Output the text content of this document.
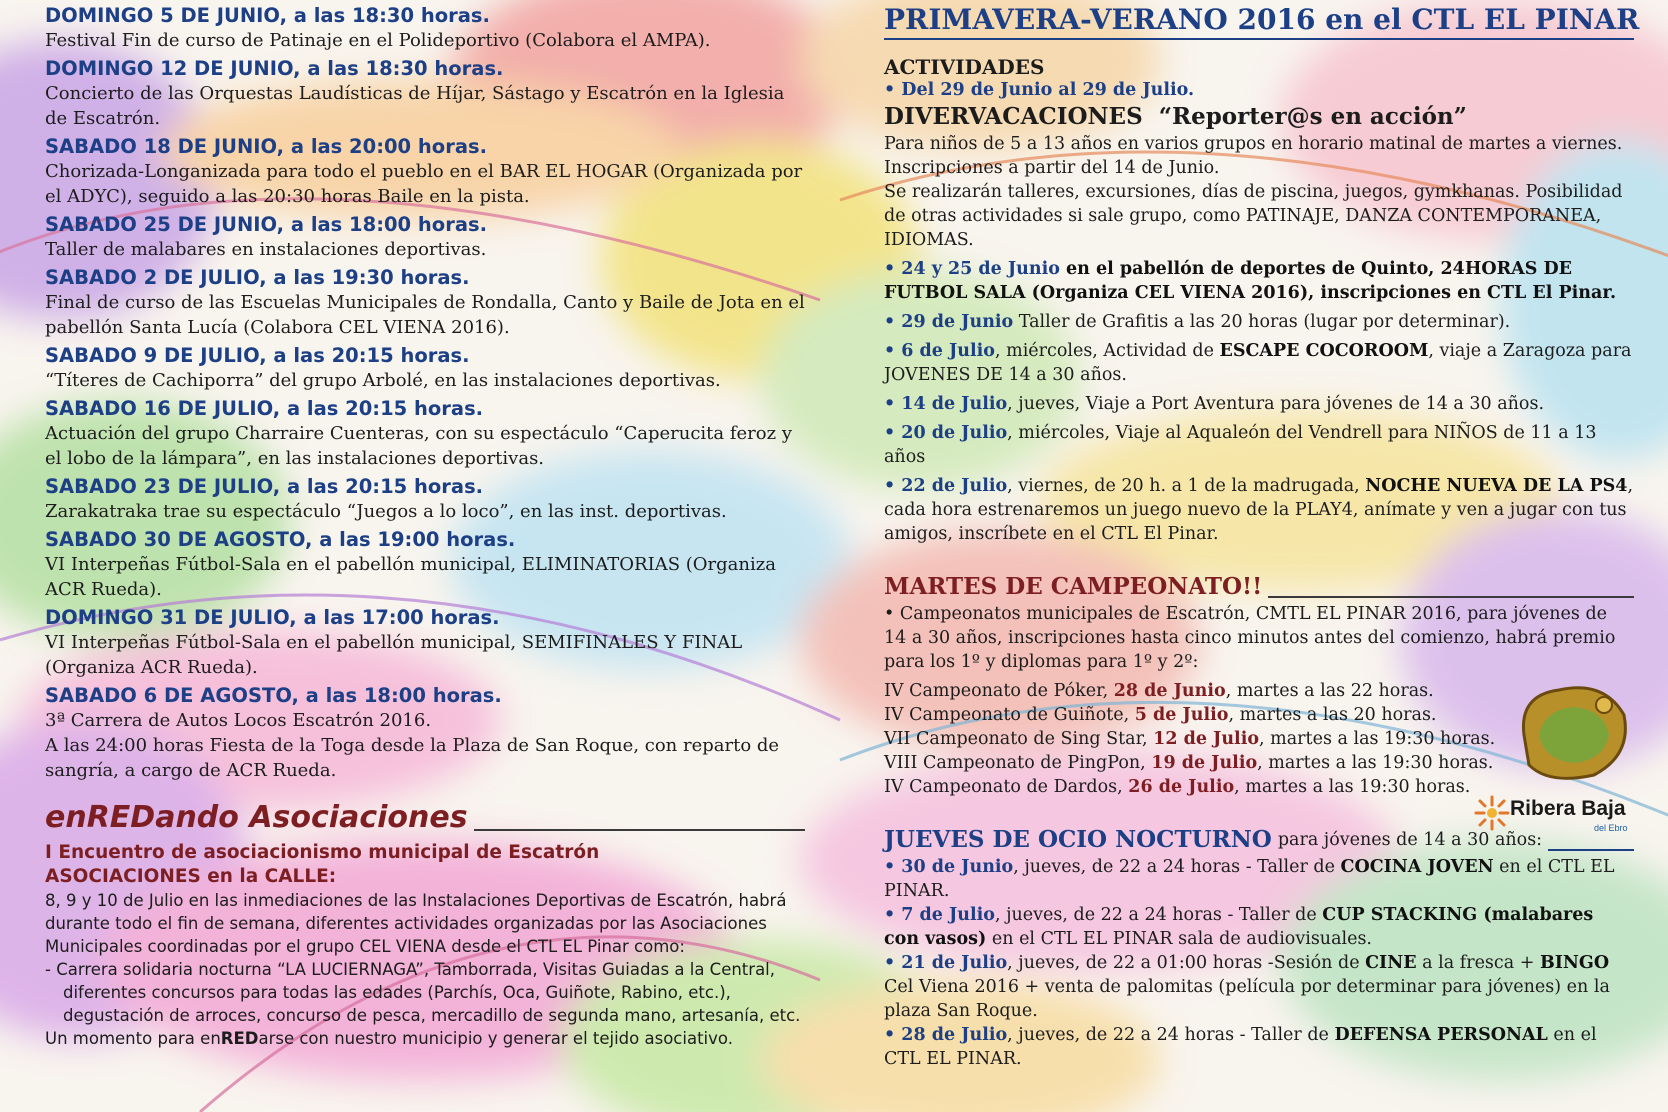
DOMINGO 5 DE JUNIO, a las 18:30 horas.

Festival Fin de curso de Patinaje en el Polideportivo (Colabora el AMPA).

DOMINGO 12 DE JUNIO, a las 18:30 horas.

Concierto de las Orquestas Laudísticas de Híjar, Sástago y Escatrón en la Iglesia de Escatrón.

SABADO 18 DE JUNIO, a las 20:00 horas.

Chorizada-Longanizada para todo el pueblo en el BAR EL HOGAR (Organizada por el ADYC), seguido a las 20:30 horas Baile en la pista.

SABADO 25 DE JUNIO, a las 18:00 horas.

Taller de malabares en instalaciones deportivas.

SABADO 2 DE JULIO, a las 19:30 horas.

Final de curso de las Escuelas Municipales de Rondalla, Canto y Baile de Jota en el pabellón Santa Lucía (Colabora CEL VIENA 2016).

SABADO 9 DE JULIO, a las 20:15 horas.

“Títeres de Cachiporra” del grupo Arbolé, en las instalaciones deportivas.

SABADO 16 DE JULIO, a las 20:15 horas.

Actuación del grupo Charraire Cuenteras, con su espectáculo “Caperucita feroz y el lobo de la lámpara”, en las instalaciones deportivas.

SABADO 23 DE JULIO, a las 20:15 horas.

Zarakatraka trae su espectáculo “Juegos a lo loco”, en las inst. deportivas.

SABADO 30 DE AGOSTO, a las 19:00 horas.

VI Interpeñas Fútbol-Sala en el pabellón municipal, ELIMINATORIAS (Organiza ACR Rueda).

DOMINGO 31 DE JULIO, a las 17:00 horas.

VI Interpeñas Fútbol-Sala en el pabellón municipal, SEMIFINALES Y FINAL (Organiza ACR Rueda).

SABADO 6 DE AGOSTO, a las 18:00 horas.

3ª Carrera de Autos Locos Escatrón 2016.

A las 24:00 horas Fiesta de la Toga desde la Plaza de San Roque, con reparto de sangría, a cargo de ACR Rueda.

enREDando Asociaciones
I Encuentro de asociacionismo municipal de Escatrón
ASOCIACIONES en la CALLE:
8, 9 y 10 de Julio en las inmediaciones de las Instalaciones Deportivas de Escatrón, habrá durante todo el fin de semana, diferentes actividades organizadas por las Asociaciones Municipales coordinadas por el grupo CEL VIENA desde el CTL EL Pinar como:
- Carrera solidaria nocturna “LA LUCIERNAGA”, Tamborrada, Visitas Guiadas a la Central, diferentes concursos para todas las edades (Parchís, Oca, Guiñote, Rabino, etc.), degustación de arroces, concurso de pesca, mercadillo de segunda mano, artesanía, etc.
Un momento para enREDarse con nuestro municipio y generar el tejido asociativo.
PRIMAVERA-VERANO 2016 en el CTL EL PINAR
ACTIVIDADES
• Del 29 de Junio al 29 de Julio.
DIVERVACACIONES “Reporter@s en acción”

Para niños de 5 a 13 años en varios grupos en horario matinal de martes a viernes. Inscripciones a partir del 14 de Junio.

Se realizarán talleres, excursiones, días de piscina, juegos, gymkhanas. Posibilidad de otras actividades si sale grupo, como PATINAJE, DANZA CONTEMPORANEA, IDIOMAS.

• 24 y 25 de Junio en el pabellón de deportes de Quinto, 24HORAS DE FUTBOL SALA (Organiza CEL VIENA 2016), inscripciones en CTL El Pinar.

• 29 de Junio Taller de Grafitis a las 20 horas (lugar por determinar).

• 6 de Julio, miércoles, Actividad de ESCAPE COCOROOM, viaje a Zaragoza para JOVENES DE 14 a 30 años.

• 14 de Julio, jueves, Viaje a Port Aventura para jóvenes de 14 a 30 años.

• 20 de Julio, miércoles, Viaje al Aqualeón del Vendrell para NIÑOS de 11 a 13 años

• 22 de Julio, viernes, de 20 h. a 1 de la madrugada, NOCHE NUEVA DE LA PS4, cada hora estrenaremos un juego nuevo de la PLAY4, anímate y ven a jugar con tus amigos, inscríbete en el CTL El Pinar.

MARTES DE CAMPEONATO!!

• Campeonatos municipales de Escatrón, CMTL EL PINAR 2016, para jóvenes de 14 a 30 años, inscripciones hasta cinco minutos antes del comienzo, habrá premio para los 1º y diplomas para 1º y 2º:

IV Campeonato de Póker, 28 de Junio, martes a las 22 horas.

IV Campeonato de Guiñote, 5 de Julio, martes a las 20 horas.

VII Campeonato de Sing Star, 12 de Julio, martes a las 19:30 horas.

VIII Campeonato de PingPon, 19 de Julio, martes a las 19:30 horas.

IV Campeonato de Dardos, 26 de Julio, martes a las 19:30 horas.

JUEVES DE OCIO NOCTURNO para jóvenes de 14 a 30 años:

• 30 de Junio, jueves, de 22 a 24 horas - Taller de COCINA JOVEN en el CTL EL PINAR.

• 7 de Julio, jueves, de 22 a 24 horas - Taller de CUP STACKING (malabares con vasos) en el CTL EL PINAR sala de audiovisuales.

• 21 de Julio, jueves, de 22 a 01:00 horas -Sesión de CINE a la fresca + BINGO Cel Viena 2016 + venta de palomitas (película por determinar para jóvenes) en la plaza San Roque.

• 28 de Julio, jueves, de 22 a 24 horas - Taller de DEFENSA PERSONAL en el CTL EL PINAR.

Ribera Baja
del Ebro
